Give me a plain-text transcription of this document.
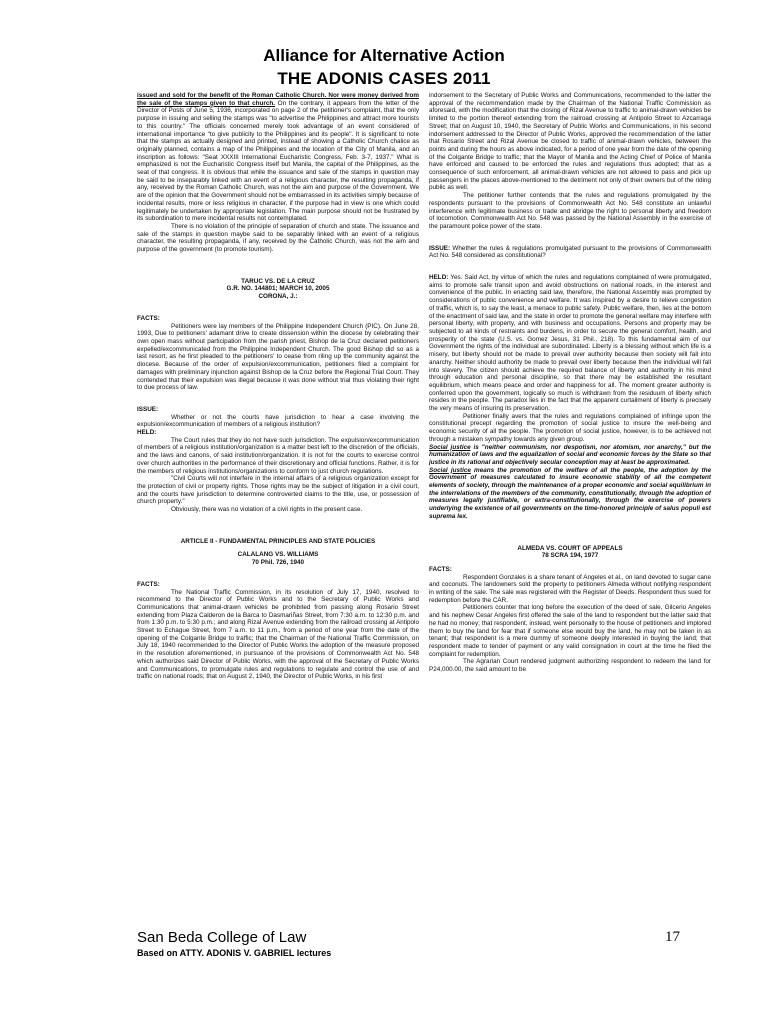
Alliance for Alternative Action
THE ADONIS CASES 2011

issued and sold for the benefit of the Roman Catholic Church. Nor were money derived from the sale of the stamps given to that church. On the contrary, it appears from the letter of the Director of Posts of June 5, 1936, incorporated on page 2 of the petitioner's complaint, that the only purpose in issuing and selling the stamps was "to advertise the Philippines and attract more tourists to this country." The officials concerned merely took advantage of an event considered of international importance "to give publicity to the Philippines and its people". It is significant to note that the stamps as actually designed and printed, instead of showing a Catholic Church chalice as originally planned, contains a map of the Philippines and the location of the City of Manila, and an inscription as follows: "Seat XXXIII International Eucharistic Congress, Feb. 3-7, 1937." What is emphasized is not the Eucharistic Congress itself but Manila, the capital of the Philippines, as the seat of that congress. It is obvious that while the issuance and sale of the stamps in question may be said to be inseparably linked with an event of a religious character, the resulting propaganda, if any, received by the Roman Catholic Church, was not the aim and purpose of the Government. We are of the opinion that the Government should not be embarrassed in its activities simply because of incidental results, more or less religious in character, if the purpose had in view is one which could legitimately be undertaken by appropriate legislation. The main purpose should not be frustrated by its subordination to mere incidental results not contemplated.

There is no violation of the principle of separation of church and state. The issuance and sale of the stamps in question maybe said to be separably linked with an event of a religious character, the resulting propaganda, if any, received by the Catholic Church, was not the aim and purpose of the government (to promote tourism).

TARUC VS. DE LA CRUZ

G.R. NO. 144801; MARCH 10, 2005

CORONA, J.:

FACTS:

Petitioners were lay members of the Philippine Independent Church (PIC). On June 28, 1993, Due to petitioners' adamant drive to create dissension within the diocese by celebrating their own open mass without participation from the parish priest, Bishop de la Cruz declared petitioners expelled/excommunicated from the Philippine Independent Church. The good Bishop did so as a last resort, as he first pleaded to the petitioners' to cease from riling up the community against the diocese. Because of the order of expulsion/excommunication, petitioners filed a complaint for damages with preliminary injunction against Bishop de la Cruz before the Regional Trial Court. They contended that their expulsion was illegal because it was done without trial thus violating their right to due process of law.

ISSUE:

Whether or not the courts have jurisdiction to hear a case involving the expulsion/excommunication of members of a religious institution?

HELD:

The Court rules that they do not have such jurisdiction. The expulsion/excommunication of members of a religious institution/organization is a matter best left to the discretion of the officials, and the laws and canons, of said institution/organization. It is not for the courts to exercise control over church authorities in the performance of their discretionary and official functions. Rather, it is for the members of religious institutions/organizations to conform to just church regulations.

"Civil Courts will not interfere in the internal affairs of a religious organization except for the protection of civil or property rights. Those rights may be the subject of litigation in a civil court, and the courts have jurisdiction to determine controverted claims to the title, use, or possession of church property."

Obviously, there was no violation of a civil rights in the present case.

ARTICLE II - FUNDAMENTAL PRINCIPLES AND STATE POLICIES

CALALANG VS. WILLIAMS

70 Phil. 726, 1940

FACTS:

The National Traffic Commission, in its resolution of July 17, 1940, resolved to recommend to the Director of Public Works and to the Secretary of Public Works and Communications that animal-drawn vehicles be prohibited from passing along Rosario Street extending from Plaza Calderon de la Barca to Dasmariñas Street, from 7:30 a.m. to 12:30 p.m. and from 1:30 p.m. to 5:30 p.m.; and along Rizal Avenue extending from the railroad crossing at Antipolo Street to Echague Street, from 7 a.m. to 11 p.m., from a period of one year from the date of the opening of the Colgante Bridge to traffic; that the Chairman of the National Traffic Commission, on July 18, 1940 recommended to the Director of Public Works the adoption of the measure proposed in the resolution aforementioned, in pursuance of the provisions of Commonwealth Act No. 548 which authorizes said Director of Public Works, with the approval of the Secretary of Public Works and Communications, to promulgate rules and regulations to regulate and control the use of and traffic on national roads; that on August 2, 1940, the Director of Public Works, in his first

indorsement to the Secretary of Public Works and Communications, recommended to the latter the approval of the recommendation made by the Chairman of the National Traffic Commission as aforesaid, with the modification that the closing of Rizal Avenue to traffic to animal-drawn vehicles be limited to the portion thereof extending from the railroad crossing at Antipolo Street to Azcarraga Street; that on August 10, 1940, the Secretary of Public Works and Communications, in his second indorsement addressed to the Director of Public Works, approved the recommendation of the latter that Rosario Street and Rizal Avenue be closed to traffic of animal-drawn vehicles, between the points and during the hours as above indicated, for a period of one year from the date of the opening of the Colgante Bridge to traffic; that the Mayor of Manila and the Acting Chief of Police of Manila have enforced and caused to be enforced the rules and regulations thus adopted; that as a consequence of such enforcement, all animal-drawn vehicles are not allowed to pass and pick up passengers in the places above-mentioned to the detriment not only of their owners but of the riding public as well.

The petitioner further contends that the rules and regulations promulgated by the respondents pursuant to the provisions of Commonwealth Act No. 548 constitute an unlawful interference with legitimate business or trade and abridge the right to personal liberty and freedom of locomotion. Commonwealth Act No. 548 was passed by the National Assembly in the exercise of the paramount police power of the state.

ISSUE: Whether the rules & regulations promulgated pursuant to the provisions of Commonwealth Act No. 548 considered as constitutional?

HELD: Yes. Said Act, by virtue of which the rules and regulations complained of were promulgated, aims to promote safe transit upon and avoid obstructions on national roads, in the interest and convenience of the public. In enacting said law, therefore, the National Assembly was prompted by considerations of public convenience and welfare. It was inspired by a desire to relieve congestion of traffic, which is, to say the least, a menace to public safety. Public welfare, then, lies at the bottom of the enactment of said law, and the state in order to promote the general welfare may interfere with personal liberty, with property, and with business and occupations. Persons and property may be subjected to all kinds of restraints and burdens, in order to secure the general comfort, health, and prosperity of the state (U.S. vs. Gomez Jesus, 31 Phil., 218). To this fundamental aim of our Government the rights of the individual are subordinated. Liberty is a blessing without which life is a misery, but liberty should not be made to prevail over authority because then society will fall into anarchy. Neither should authority be made to prevail over liberty because then the individual will fall into slavery. The citizen should achieve the required balance of liberty and authority in his mind through education and personal discipline, so that there may be established the resultant equilibrium, which means peace and order and happiness for all. The moment greater authority is conferred upon the government, logically so much is withdrawn from the residuum of liberty which resides in the people. The paradox lies in the fact that the apparent curtailment of liberty is precisely the very means of insuring its preservation.

Petitioner finally avers that the rules and regulations complained of infringe upon the constitutional precept regarding the promotion of social justice to insure the well-being and economic security of all the people. The promotion of social justice, however, is to be achieved not through a mistaken sympathy towards any given group.

Social justice is "neither communism, nor despotism, nor atomism, nor anarchy," but the humanization of laws and the equalization of social and economic forces by the State so that justice in its rational and objectively secular conception may at least be approximated.

Social justice means the promotion of the welfare of all the people, the adoption by the Government of measures calculated to insure economic stability of all the competent elements of society, through the maintenance of a proper economic and social equilibrium in the interrelations of the members of the community, constitutionally, through the adoption of measures legally justifiable, or extra-constitutionally, through the exercise of powers underlying the existence of all governments on the time-honored principle of salus populi est suprema lex.

ALMEDA VS. COURT OF APPEALS

78 SCRA 194, 1977

FACTS:

Respondent Gonzales is a share tenant of Angeles et al., on land devoted to sugar cane and coconuts. The landowners sold the property to petitioners Almeda without notifying respondent in writing of the sale. The sale was registered with the Register of Deeds. Respondent thus sued for redemption before the CAR.

Petitioners counter that long before the execution of the deed of sale, Gilcerio Angeles and his nephew Cesar Angeles first offered the sale of the land to respondent but the latter said that he had no money; that respondent, instead, went personally to the house of petitioners and implored them to buy the land for fear that if someone else would buy the land, he may not be taken in as tenant; that respondent is a mere dummy of someone deeply interested in buying the land; that respondent made to tender of payment or any valid consignation in court at the time he filed the complaint for redemption.

The Agrarian Court rendered judgment authorizing respondent to redeem the land for P24,000.00, the said amount to be

San Beda College of Law	17
Based on ATTY. ADONIS V. GABRIEL lectures
